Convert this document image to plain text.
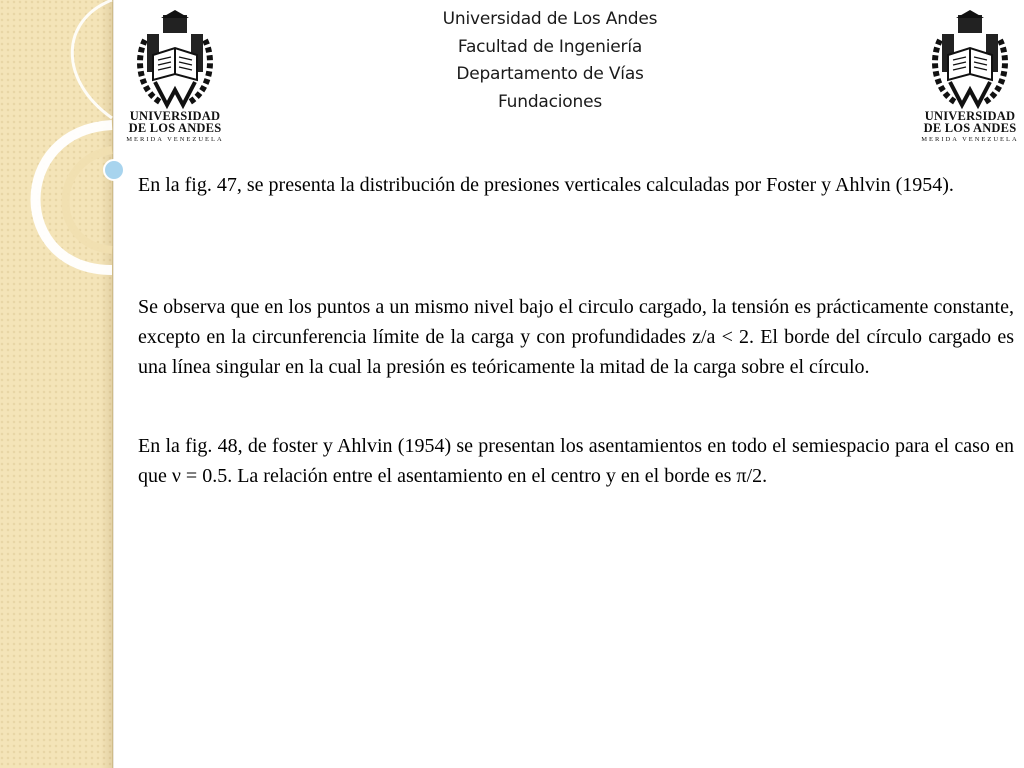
Universidad de Los Andes
Facultad de Ingeniería
Departamento de Vías
Fundaciones
UNIVERSIDAD
DE LOS ANDES
MERIDA VENEZUELA
UNIVERSIDAD
DE LOS ANDES
MERIDA VENEZUELA

En la fig. 47, se presenta la distribución de presiones verticales calculadas por Foster y Ahlvin (1954).

Se observa que en los puntos a un mismo nivel bajo el circulo cargado, la tensión es prácticamente constante, excepto en la circunferencia límite de la carga y con profundidades z/a < 2. El borde del círculo cargado es una línea singular en la cual la presión es teóricamente la mitad de la carga sobre el círculo.

En la fig. 48, de foster y Ahlvin (1954) se presentan los asentamientos en todo el semiespacio para el caso en que ν = 0.5. La relación entre el asentamiento en el centro y en el borde es π/2.
